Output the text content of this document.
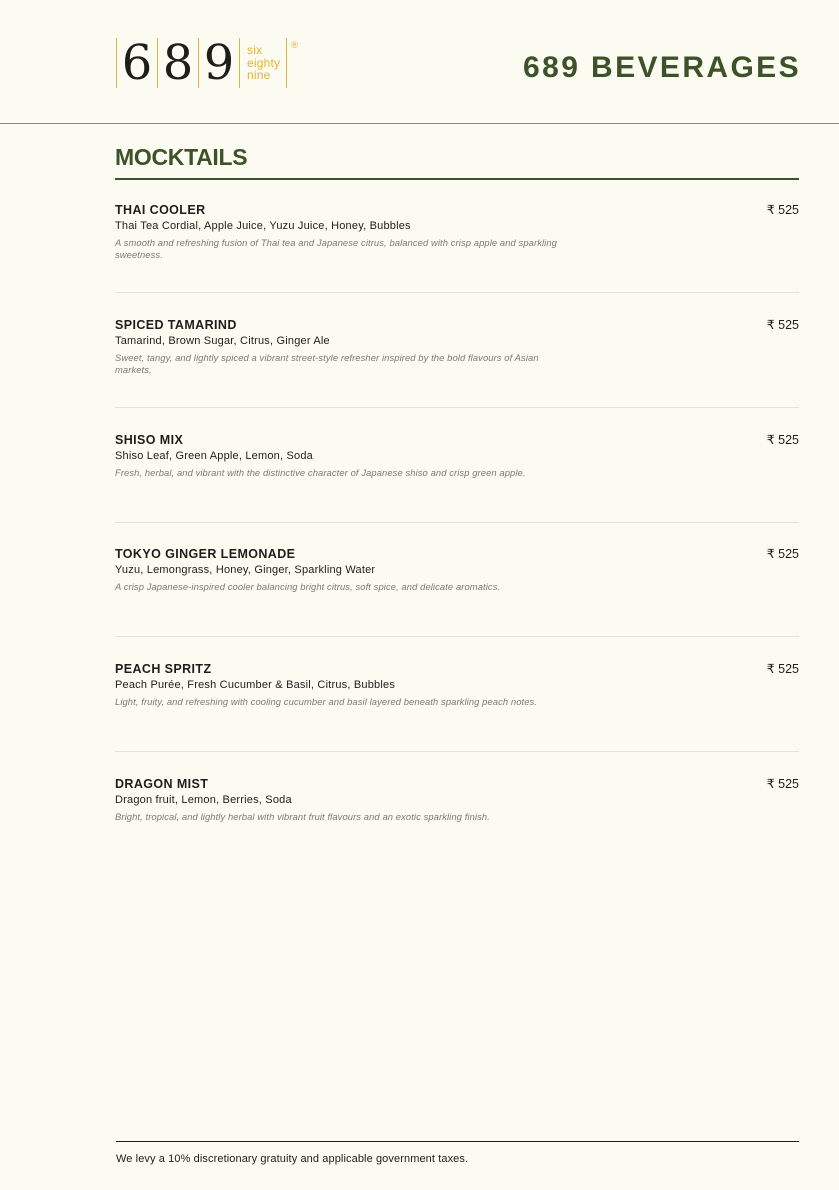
6 8 9	six
eighty
nine
®
689 BEVERAGES
MOCKTAILS
THAI COOLER	₹ 525
Thai Tea Cordial, Apple Juice, Yuzu Juice, Honey, Bubbles
A smooth and refreshing fusion of Thai tea and Japanese citrus, balanced with crisp apple and sparkling sweetness.
SPICED TAMARIND	₹ 525
Tamarind, Brown Sugar, Citrus, Ginger Ale
Sweet, tangy, and lightly spiced a vibrant street-style refresher inspired by the bold flavours of Asian markets.
SHISO MIX	₹ 525
Shiso Leaf, Green Apple, Lemon, Soda
Fresh, herbal, and vibrant with the distinctive character of Japanese shiso and crisp green apple.
TOKYO GINGER LEMONADE	₹ 525
Yuzu, Lemongrass, Honey, Ginger, Sparkling Water
A crisp Japanese-inspired cooler balancing bright citrus, soft spice, and delicate aromatics.
PEACH SPRITZ	₹ 525
Peach Purée, Fresh Cucumber & Basil, Citrus, Bubbles
Light, fruity, and refreshing with cooling cucumber and basil layered beneath sparkling peach notes.
DRAGON MIST	₹ 525
Dragon fruit, Lemon, Berries, Soda
Bright, tropical, and lightly herbal with vibrant fruit flavours and an exotic sparkling finish.
We levy a 10% discretionary gratuity and applicable government taxes.
